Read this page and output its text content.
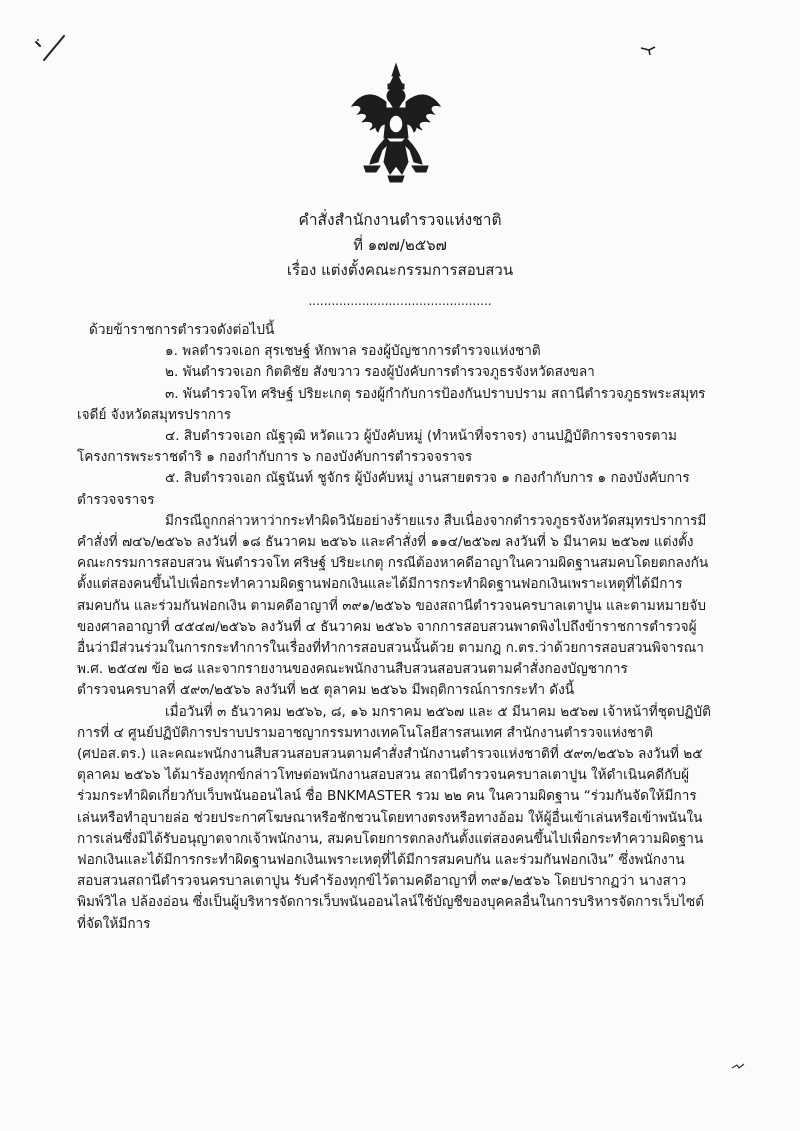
คำสั่งสำนักงานตำรวจแห่งชาติ
ที่ ๑๗๗/๒๕๖๗
เรื่อง แต่งตั้งคณะกรรมการสอบสวน
................................................

ด้วยข้าราชการตำรวจดังต่อไปนี้

๑. พลตำรวจเอก สุรเชษฐ์ หักพาล รองผู้บัญชาการตำรวจแห่งชาติ

๒. พันตำรวจเอก กิตติชัย สังขวาว รองผู้บังคับการตำรวจภูธรจังหวัดสงขลา

๓. พันตำรวจโท ศริษฐ์ ปริยะเกตุ รองผู้กำกับการป้องกันปราบปราม สถานีตำรวจภูธรพระสมุทรเจดีย์ จังหวัดสมุทรปราการ

๔. สิบตำรวจเอก ณัฐวุฒิ หวัดแวว ผู้บังคับหมู่ (ทำหน้าที่จราจร) งานปฏิบัติการจราจรตามโครงการพระราชดำริ ๑ กองกำกับการ ๖ กองบังคับการตำรวจจราจร

๕. สิบตำรวจเอก ณัฐนันท์ ชูจักร ผู้บังคับหมู่ งานสายตรวจ ๑ กองกำกับการ ๑ กองบังคับการตำรวจจราจร

มีกรณีถูกกล่าวหาว่ากระทำผิดวินัยอย่างร้ายแรง สืบเนื่องจากตำรวจภูธรจังหวัดสมุทรปราการมีคำสั่งที่ ๗๔๖/๒๕๖๖ ลงวันที่ ๑๘ ธันวาคม ๒๕๖๖ และคำสั่งที่ ๑๑๔/๒๕๖๗ ลงวันที่ ๖ มีนาคม ๒๕๖๗ แต่งตั้งคณะกรรมการสอบสวน พันตำรวจโท ศริษฐ์ ปริยะเกตุ กรณีต้องหาคดีอาญาในความผิดฐานสมคบโดยตกลงกันตั้งแต่สองคนขึ้นไปเพื่อกระทำความผิดฐานฟอกเงินและได้มีการกระทำผิดฐานฟอกเงินเพราะเหตุที่ได้มีการสมคบกัน และร่วมกันฟอกเงิน ตามคดีอาญาที่ ๓๙๑/๒๕๖๖ ของสถานีตำรวจนครบาลเตาปูน และตามหมายจับของศาลอาญาที่ ๔๕๔๗/๒๕๖๖ ลงวันที่ ๔ ธันวาคม ๒๕๖๖ จากการสอบสวนพาดพิงไปถึงข้าราชการตำรวจผู้อื่นว่ามีส่วนร่วมในการกระทำการในเรื่องที่ทำการสอบสวนนั้นด้วย ตามกฎ ก.ตร.ว่าด้วยการสอบสวนพิจารณา พ.ศ. ๒๕๔๗ ข้อ ๒๘ และจากรายงานของคณะพนักงานสืบสวนสอบสวนตามคำสั่งกองบัญชาการตำรวจนครบาลที่ ๕๙๓/๒๕๖๖ ลงวันที่ ๒๕ ตุลาคม ๒๕๖๖ มีพฤติการณ์การกระทำ ดังนี้

เมื่อวันที่ ๓ ธันวาคม ๒๕๖๖, ๘, ๑๖ มกราคม ๒๕๖๗ และ ๕ มีนาคม ๒๕๖๗ เจ้าหน้าที่ชุดปฏิบัติการที่ ๔ ศูนย์ปฏิบัติการปราบปรามอาชญากรรมทางเทคโนโลยีสารสนเทศ สำนักงานตำรวจแห่งชาติ (ศปอส.ตร.) และคณะพนักงานสืบสวนสอบสวนตามคำสั่งสำนักงานตำรวจแห่งชาติที่ ๕๙๓/๒๕๖๖ ลงวันที่ ๒๕ ตุลาคม ๒๕๖๖ ได้มาร้องทุกข์กล่าวโทษต่อพนักงานสอบสวน สถานีตำรวจนครบาลเตาปูน ให้ดำเนินคดีกับผู้ร่วมกระทำผิดเกี่ยวกับเว็บพนันออนไลน์ ชื่อ BNKMASTER รวม ๒๒ คน ในความผิดฐาน “ร่วมกันจัดให้มีการเล่นหรือทำอุบายล่อ ช่วยประกาศโฆษณาหรือชักชวนโดยทางตรงหรือทางอ้อม ให้ผู้อื่นเข้าเล่นหรือเข้าพนันในการเล่นซึ่งมิได้รับอนุญาตจากเจ้าพนักงาน, สมคบโดยการตกลงกันตั้งแต่สองคนขึ้นไปเพื่อกระทำความผิดฐานฟอกเงินและได้มีการกระทำผิดฐานฟอกเงินเพราะเหตุที่ได้มีการสมคบกัน และร่วมกันฟอกเงิน” ซึ่งพนักงานสอบสวนสถานีตำรวจนครบาลเตาปูน รับคำร้องทุกข์ไว้ตามคดีอาญาที่ ๓๙๑/๒๕๖๖ โดยปรากฏว่า นางสาวพิมพ์วิไล ปล้องอ่อน ซึ่งเป็นผู้บริหารจัดการเว็บพนันออนไลน์ใช้บัญชีของบุคคลอื่นในการบริหารจัดการเว็บไซต์ที่จัดให้มีการ
